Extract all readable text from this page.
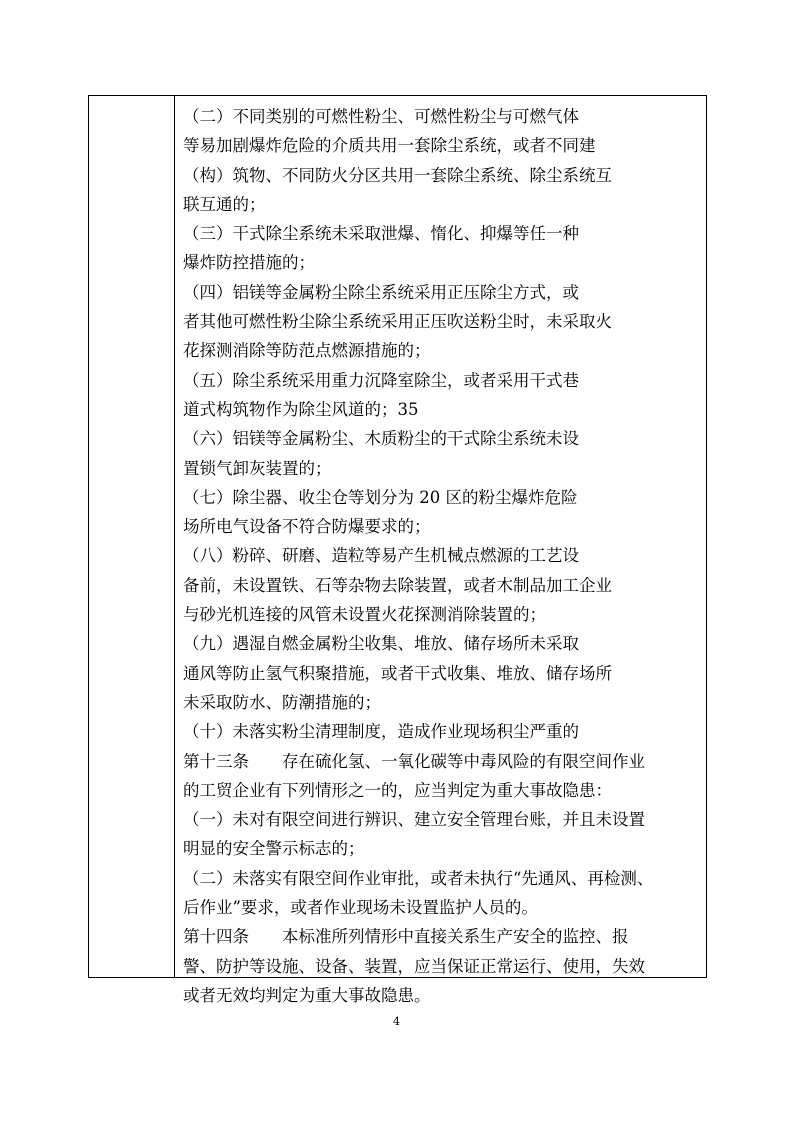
（二）不同类别的可燃性粉尘、可燃性粉尘与可燃气体
等易加剧爆炸危险的介质共用一套除尘系统，或者不同建
（构）筑物、不同防火分区共用一套除尘系统、除尘系统互
联互通的；
（三）干式除尘系统未采取泄爆、惰化、抑爆等任一种
爆炸防控措施的；
（四）铝镁等金属粉尘除尘系统采用正压除尘方式，或
者其他可燃性粉尘除尘系统采用正压吹送粉尘时，未采取火
花探测消除等防范点燃源措施的；
（五）除尘系统采用重力沉降室除尘，或者采用干式巷
道式构筑物作为除尘风道的；35
（六）铝镁等金属粉尘、木质粉尘的干式除尘系统未设
置锁气卸灰装置的；
（七）除尘器、收尘仓等划分为 20 区的粉尘爆炸危险
场所电气设备不符合防爆要求的；
（八）粉碎、研磨、造粒等易产生机械点燃源的工艺设
备前，未设置铁、石等杂物去除装置，或者木制品加工企业
与砂光机连接的风管未设置火花探测消除装置的；
（九）遇湿自燃金属粉尘收集、堆放、储存场所未采取
通风等防止氢气积聚措施，或者干式收集、堆放、储存场所
未采取防水、防潮措施的；
（十）未落实粉尘清理制度，造成作业现场积尘严重的
第十三条　　存在硫化氢、一氧化碳等中毒风险的有限空间作业
的工贸企业有下列情形之一的，应当判定为重大事故隐患：
（一）未对有限空间进行辨识、建立安全管理台账，并且未设置
明显的安全警示标志的；
（二）未落实有限空间作业审批，或者未执行“先通风、再检测、
后作业”要求，或者作业现场未设置监护人员的。
第十四条　　本标准所列情形中直接关系生产安全的监控、报
警、防护等设施、设备、装置，应当保证正常运行、使用，失效
或者无效均判定为重大事故隐患。
4
